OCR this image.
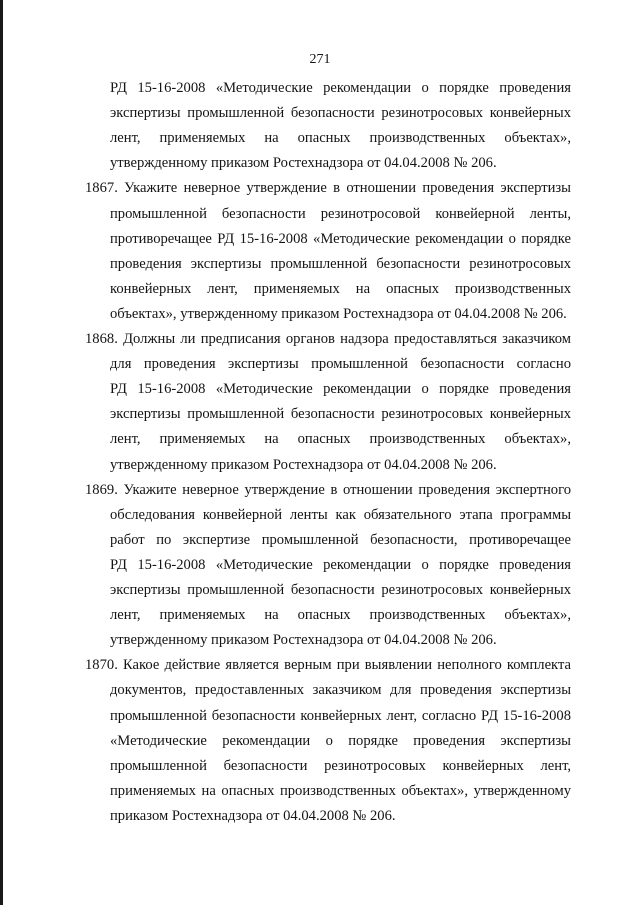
271
РД 15-16-2008 «Методические рекомендации о порядке проведения
экспертизы промышленной безопасности резинотросовых конвейерных
лент, применяемых на опасных производственных объектах»,
утвержденному приказом Ростехнадзора от 04.04.2008 № 206.
1867. Укажите неверное утверждение в отношении проведения экспертизы
промышленной безопасности резинотросовой конвейерной ленты,
противоречащее РД 15-16-2008 «Методические рекомендации о порядке
проведения экспертизы промышленной безопасности резинотросовых
конвейерных лент, применяемых на опасных производственных
объектах», утвержденному приказом Ростехнадзора от 04.04.2008 № 206.
1868. Должны ли предписания органов надзора предоставляться заказчиком
для проведения экспертизы промышленной безопасности согласно
РД 15-16-2008 «Методические рекомендации о порядке проведения
экспертизы промышленной безопасности резинотросовых конвейерных
лент, применяемых на опасных производственных объектах»,
утвержденному приказом Ростехнадзора от 04.04.2008 № 206.
1869. Укажите неверное утверждение в отношении проведения экспертного
обследования конвейерной ленты как обязательного этапа программы
работ по экспертизе промышленной безопасности, противоречащее
РД 15-16-2008 «Методические рекомендации о порядке проведения
экспертизы промышленной безопасности резинотросовых конвейерных
лент, применяемых на опасных производственных объектах»,
утвержденному приказом Ростехнадзора от 04.04.2008 № 206.
1870. Какое действие является верным при выявлении неполного комплекта
документов, предоставленных заказчиком для проведения экспертизы
промышленной безопасности конвейерных лент, согласно РД 15-16-2008
«Методические рекомендации о порядке проведения экспертизы
промышленной безопасности резинотросовых конвейерных лент,
применяемых на опасных производственных объектах», утвержденному
приказом Ростехнадзора от 04.04.2008 № 206.
